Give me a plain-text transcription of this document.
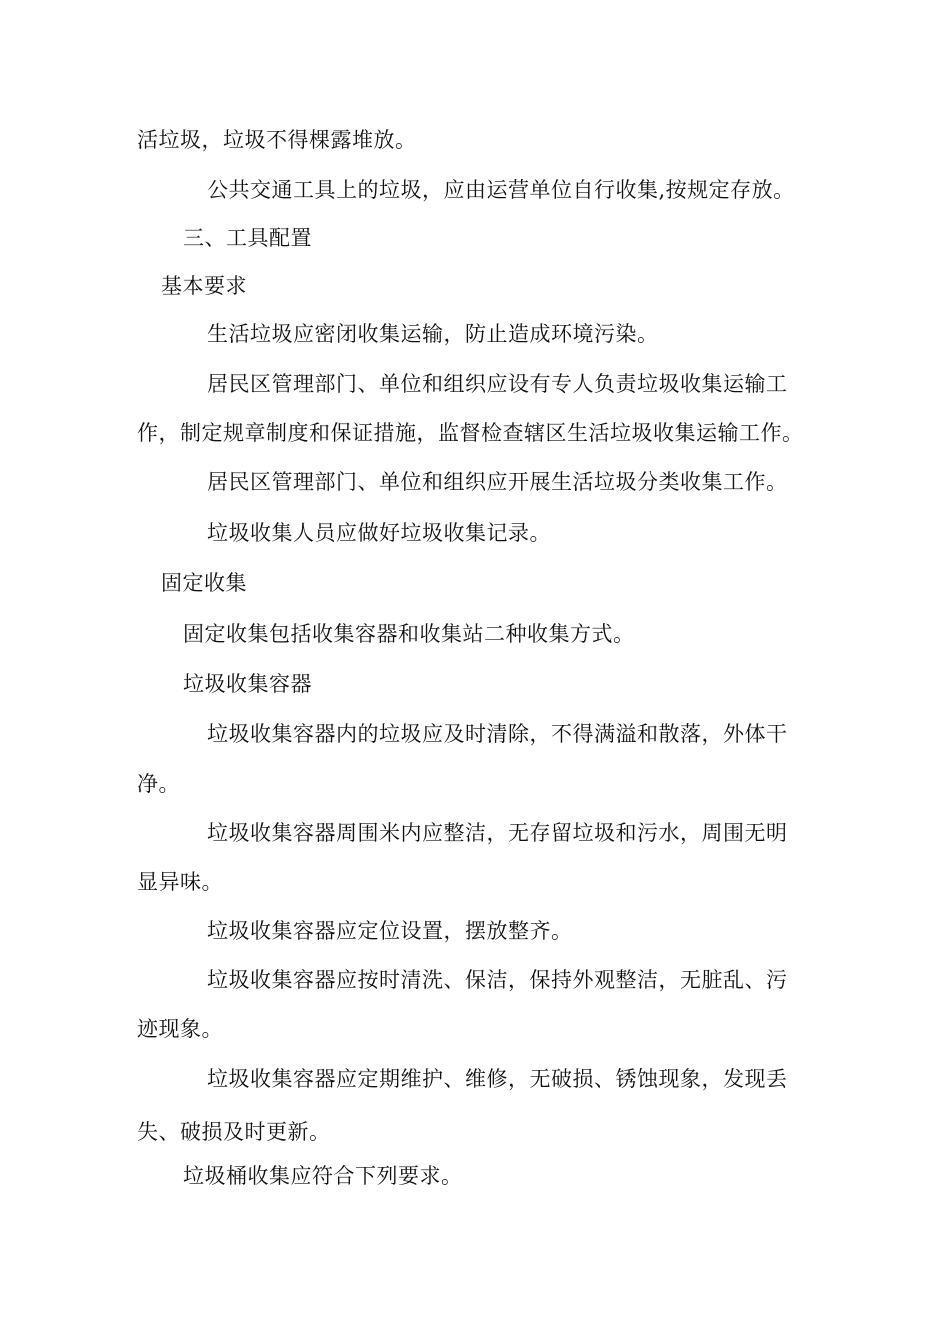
活垃圾，垃圾不得棵露堆放。
公共交通工具上的垃圾，应由运营单位自行收集,按规定存放。
三、工具配置
基本要求
生活垃圾应密闭收集运输，防止造成环境污染。
居民区管理部门、单位和组织应设有专人负责垃圾收集运输工
作，制定规章制度和保证措施，监督检查辖区生活垃圾收集运输工作。
居民区管理部门、单位和组织应开展生活垃圾分类收集工作。
垃圾收集人员应做好垃圾收集记录。
固定收集
固定收集包括收集容器和收集站二种收集方式。
垃圾收集容器
垃圾收集容器内的垃圾应及时清除，不得满溢和散落，外体干
净。
垃圾收集容器周围米内应整洁，无存留垃圾和污水，周围无明
显异味。
垃圾收集容器应定位设置，摆放整齐。
垃圾收集容器应按时清洗、保洁，保持外观整洁，无脏乱、污
迹现象。
垃圾收集容器应定期维护、维修，无破损、锈蚀现象，发现丢
失、破损及时更新。
垃圾桶收集应符合下列要求。
